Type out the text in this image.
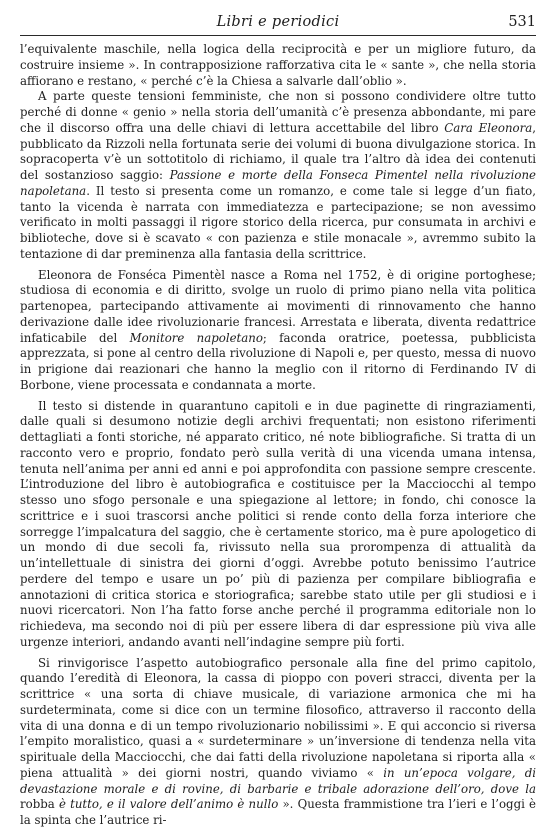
Libri e periodici	531

l’equivalente maschile, nella logica della reciprocità e per un migliore futuro, da costruire insieme ». In contrapposizione rafforzativa cita le « sante », che nella storia affiorano e restano, « perché c’è la Chiesa a salvarle dall’oblio ».

A parte queste tensioni femministe, che non si possono condividere oltre tutto perché di donne « genio » nella storia dell’umanità c’è presenza abbondante, mi pare che il discorso offra una delle chiavi di lettura accettabile del libro Cara Eleonora, pubblicato da Rizzoli nella fortunata serie dei volumi di buona divulgazione storica. In sopracoperta v’è un sottotitolo di richiamo, il quale tra l’altro dà idea dei contenuti del sostanzioso saggio: Passione e morte della Fonseca Pimentel nella rivoluzione napoletana. Il testo si presenta come un romanzo, e come tale si legge d’un fiato, tanto la vicenda è narrata con immediatezza e partecipazione; se non avessimo verificato in molti passaggi il rigore storico della ricerca, pur consumata in archivi e biblioteche, dove si è scavato « con pazienza e stile monacale », avremmo subito la tentazione di dar preminenza alla fantasia della scrittrice.

Eleonora de Fonséca Pimentèl nasce a Roma nel 1752, è di origine portoghese; studiosa di economia e di diritto, svolge un ruolo di primo piano nella vita politica partenopea, partecipando attivamente ai movimenti di rinnovamento che hanno derivazione dalle idee rivoluzionarie francesi. Arrestata e liberata, diventa redattrice infaticabile del Monitore napoletano; faconda oratrice, poetessa, pubblicista apprezzata, si pone al centro della rivoluzione di Napoli e, per questo, messa di nuovo in prigione dai reazionari che hanno la meglio con il ritorno di Ferdinando IV di Borbone, viene processata e condannata a morte.

Il testo si distende in quarantuno capitoli e in due paginette di ringraziamenti, dalle quali si desumono notizie degli archivi frequentati; non esistono riferimenti dettagliati a fonti storiche, né apparato critico, né note bibliografiche. Si tratta di un racconto vero e proprio, fondato però sulla verità di una vicenda umana intensa, tenuta nell’anima per anni ed anni e poi approfondita con passione sempre crescente. L’introduzione del libro è autobiografica e costituisce per la Macciocchi al tempo stesso uno sfogo personale e una spiegazione al lettore; in fondo, chi conosce la scrittrice e i suoi trascorsi anche politici si rende conto della forza interiore che sorregge l’impalcatura del saggio, che è certamente storico, ma è pure apologetico di un mondo di due secoli fa, rivissuto nella sua prorompenza di attualità da un’intellettuale di sinistra dei giorni d’oggi. Avrebbe potuto benissimo l’autrice perdere del tempo e usare un po’ più di pazienza per compilare bibliografia e annotazioni di critica storica e storiografica; sarebbe stato utile per gli studiosi e i nuovi ricercatori. Non l’ha fatto forse anche perché il programma editoriale non lo richiedeva, ma secondo noi di più per essere libera di dar espressione più viva alle urgenze interiori, andando avanti nell’indagine sempre più forti.

Si rinvigorisce l’aspetto autobiografico personale alla fine del primo capitolo, quando l’eredità di Eleonora, la cassa di pioppo con poveri stracci, diventa per la scrittrice « una sorta di chiave musicale, di variazione armonica che mi ha surdeterminata, come si dice con un termine filosofico, attraverso il racconto della vita di una donna e di un tempo rivoluzionario nobilissimi ». E qui acconcio si riversa l’empito moralistico, quasi a « surdeterminare » un’inversione di tendenza nella vita spirituale della Macciocchi, che dai fatti della rivoluzione napoletana si riporta alla « piena attualità » dei giorni nostri, quando viviamo « in un’epoca volgare, di devastazione morale e di rovine, di barbarie e tribale adorazione dell’oro, dove la robba è tutto, e il valore dell’animo è nullo ». Questa frammistione tra l’ieri e l’oggi è la spinta che l’autrice ri-
